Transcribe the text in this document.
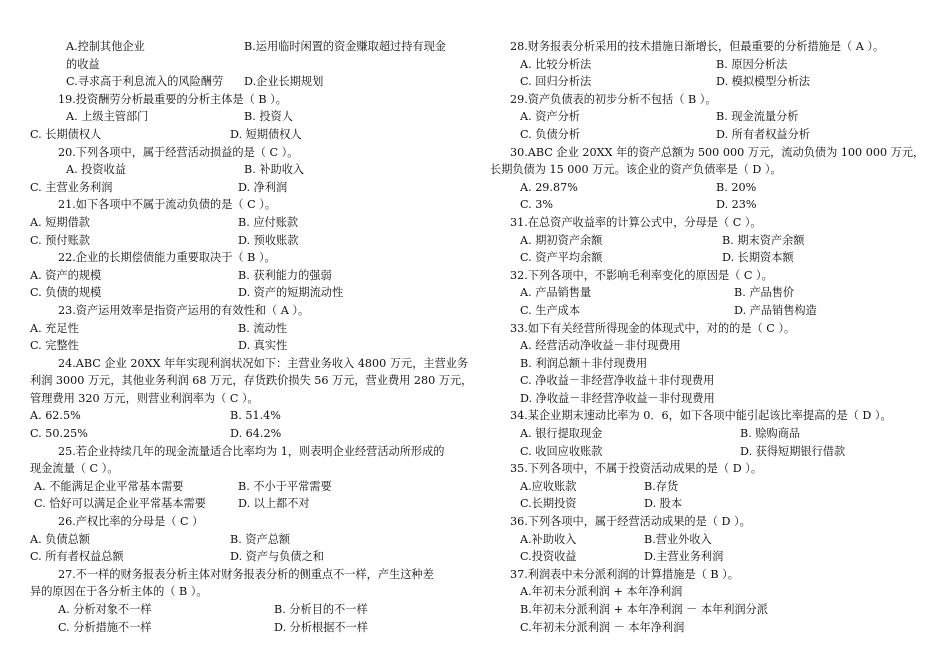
A.控制其他企业	B.运用临时闲置的资金赚取超过持有现金
的收益
C.寻求高于利息流入的风险酬劳 D.企业长期规划
19.投资酬劳分析最重要的分析主体是（ B ）。
A. 上级主管部门	B. 投资人
C. 长期债权人	D. 短期债权人
20.下列各项中，属于经营活动损益的是（ C ）。
A. 投资收益	B. 补助收入
C. 主营业务利润	D. 净利润
21.如下各项中不属于流动负债的是（ C ）。
A. 短期借款	B. 应付账款
C. 预付账款	D. 预收账款
22.企业的长期偿债能力重要取决于（ B ）。
A. 资产的规模	B. 获利能力的强弱
C. 负债的规模	D. 资产的短期流动性
23.资产运用效率是指资产运用的有效性和（ A ）。
A. 充足性	B. 流动性
C. 完整性	D. 真实性
24.ABC 企业 20XX 年年实现利润状况如下：主营业务收入 4800 万元，主营业务
利润 3000 万元，其他业务利润 68 万元，存货跌价损失 56 万元，营业费用 280 万元，
管理费用 320 万元，则营业利润率为（ C ）。
A. 62.5%	B. 51.4%
C. 50.25%	D. 64.2%
25.若企业持续几年的现金流量适合比率均为 1，则表明企业经营活动所形成的
现金流量（ C ）。
A. 不能满足企业平常基本需要	B. 不小于平常需要
C. 恰好可以满足企业平常基本需要	D. 以上都不对
26.产权比率的分母是（ C ）
A. 负债总额	B. 资产总额
C. 所有者权益总额	D. 资产与负债之和
27.不一样的财务报表分析主体对财务报表分析的侧重点不一样，产生这种差
异的原因在于各分析主体的（ B ）。
A. 分析对象不一样	B. 分析目的不一样
C. 分析措施不一样	D. 分析根据不一样
28.财务报表分析采用的技术措施日渐增长，但最重要的分析措施是（ A ）。
A. 比较分析法	B. 原因分析法
C. 回归分析法	D. 模拟模型分析法
29.资产负债表的初步分析不包括（ B ）。
A. 资产分析	B. 现金流量分析
C. 负债分析	D. 所有者权益分析
30.ABC 企业 20XX 年的资产总额为 500 000 万元，流动负债为 100 000 万元，
长期负债为 15 000 万元。该企业的资产负债率是（ D ）。
A. 29.87%	B. 20%
C. 3%	D. 23%
31.在总资产收益率的计算公式中，分母是（ C ）。
A. 期初资产余额	B. 期末资产余额
C. 资产平均余额	D. 长期资本额
32.下列各项中，不影响毛利率变化的原因是（ C ）。
A. 产品销售量	B. 产品售价
C. 生产成本	D. 产品销售构造
33.如下有关经营所得现金的体现式中，对的的是（ C ）。
A. 经营活动净收益－非付现费用
B. 利润总额＋非付现费用
C. 净收益－非经营净收益＋非付现费用
D. 净收益－非经营净收益－非付现费用
34.某企业期末速动比率为 0．6，如下各项中能引起该比率提高的是（ D ）。
A. 银行提取现金	B. 赊购商品
C. 收回应收账款	D. 获得短期银行借款
35.下列各项中，不属于投资活动成果的是（ D ）。
A.应收账款	B.存货
C.长期投资	D. 股本
36.下列各项中，属于经营活动成果的是（ D ）。
A.补助收入	B.营业外收入
C.投资收益	D.主营业务利润
37.利润表中未分派利润的计算措施是（ B ）。
A.年初未分派利润 + 本年净利润
B.年初未分派利润 + 本年净利润 － 本年利润分派
C.年初未分派利润 － 本年净利润
